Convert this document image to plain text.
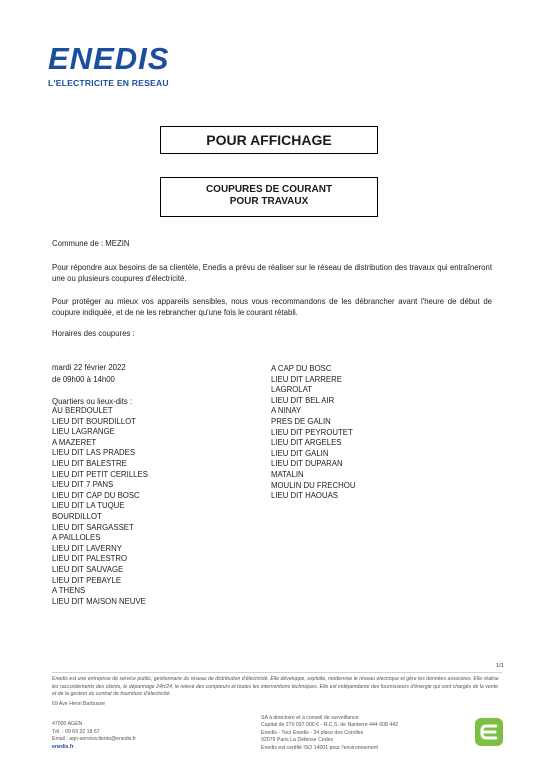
ENEDIS
L'ELECTRICITE EN RESEAU
POUR AFFICHAGE
COUPURES DE COURANT
POUR TRAVAUX
Commune de : MEZIN
Pour répondre aux besoins de sa clientèle, Enedis a prévu de réaliser sur le réseau de distribution des travaux qui entraîneront une ou plusieurs coupures d'électricité.
Pour protéger au mieux vos appareils sensibles, nous vous recommandons de les débrancher avant l'heure de début de coupure indiquée, et de ne les rebrancher qu'une fois le courant rétabli.
Horaires des coupures :
mardi 22 février 2022
de 09h00 à 14h00
Quartiers ou lieux-dits :
AU BERDOULET
LIEU DIT BOURDILLOT
LIEU LAGRANGE
A MAZERET
LIEU DIT LAS PRADES
LIEU DIT BALESTRE
LIEU DIT PETIT CERILLES
LIEU DIT 7 PANS
LIEU DIT CAP DU BOSC
LIEU DIT LA TUQUE
BOURDILLOT
LIEU DIT SARGASSET
A PAILLOLES
LIEU DIT LAVERNY
LIEU DIT PALESTRO
LIEU DIT SAUVAGE
LIEU DIT PEBAYLE
A THENS
LIEU DIT MAISON NEUVE
A CAP DU BOSC
LIEU DIT LARRERE
LAGROLAT
LIEU DIT BEL AIR
A NINAY
PRES DE GALIN
LIEU DIT PEYROUTET
LIEU DIT ARGELES
LIEU DIT GALIN
LIEU DIT DUPARAN
MATALIN
MOULIN DU FRECHOU
LIEU DIT HAOUAS
1/1
Enedis est une entreprise de service public, gestionnaire du réseau de distribution d'électricité. Elle développe, exploite, modernise le réseau électrique et gère les données associées. Elle réalise les raccordements des clients, le dépannage 24h/24, le relevé des compteurs et toutes les interventions techniques. Elle est indépendante des fournisseurs d'énergie qui sont chargés de la vente et de la gestion du contrat de fourniture d'électricité.
69 Ave Henri Barbusse
47000 AGEN
Tél. : 09 69 32 18 67
Email : aqn-serviceclients@enedis.fr
enedis.fr
SA à directoire et à conseil de surveillance
Capital de 270 037 000 € - R.C.S. de Nanterre 444 608 442
Enedis - Tour Enedis - 34 place des Corolles
92079 Paris La Défense Cedex
Enedis est certifié ISO 14001 pour l'environnement
